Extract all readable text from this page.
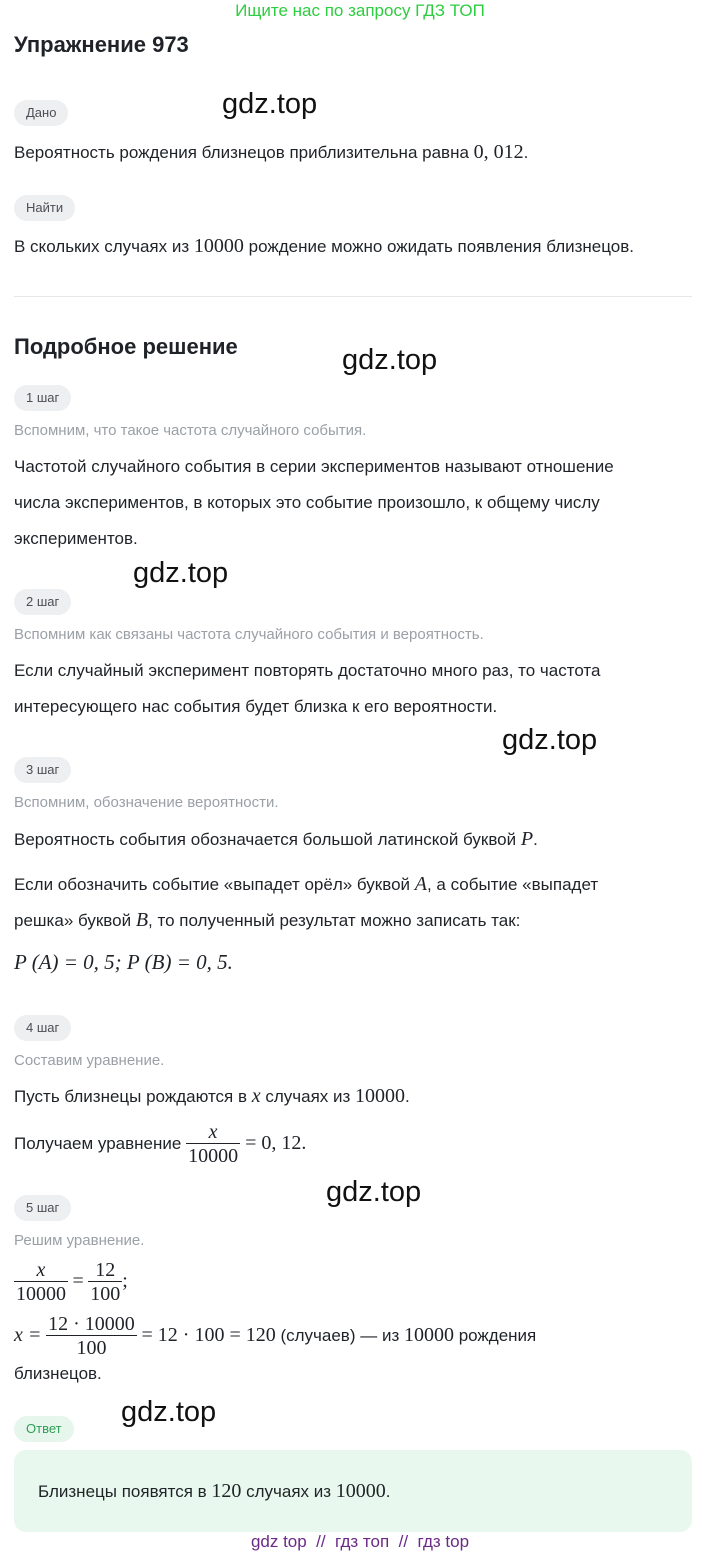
Ищите нас по запросу ГДЗ ТОП
Упражнение 973
Дано	gdz.top
Вероятность рождения близнецов приблизительна равна 0, 012.
Найти
В скольких случаях из 10000 рождение можно ожидать появления близнецов.
Подробное решение	gdz.top
1 шаг
Вспомним, что такое частота случайного события.
Частотой случайного события в серии экспериментов называют отношение
числа экспериментов, в которых это событие произошло, к общему числу
экспериментов.
gdz.top
2 шаг
Вспомним как связаны частота случайного события и вероятность.
Если случайный эксперимент повторять достаточно много раз, то частота
интересующего нас события будет близка к его вероятности.
gdz.top
3 шаг
Вспомним, обозначение вероятности.
Вероятность события обозначается большой латинской буквой P.
Если обозначить событие «выпадет орёл» буквой A, а событие «выпадет
решка» буквой B, то полученный результат можно записать так:
P (A) = 0, 5; P (B) = 0, 5.
4 шаг
Составим уравнение.
Пусть близнецы рождаются в x случаях из 10000.
Получаем уравнение $\frac{x}{10000} = 0$, 12.
gdz.top
5 шаг
Решим уравнение.
$\frac{x}{10000} = \frac{12}{100}$ ;
$x = \frac{12 \cdot 10000}{100} = 12 \cdot 100 = 120$ (случаев) — из 10000 рождения
близнецов.
gdz.top
Ответ
Близнецы появятся в 120 случаях из 10000.
gdz top  //  гдз топ  //  гдз top
